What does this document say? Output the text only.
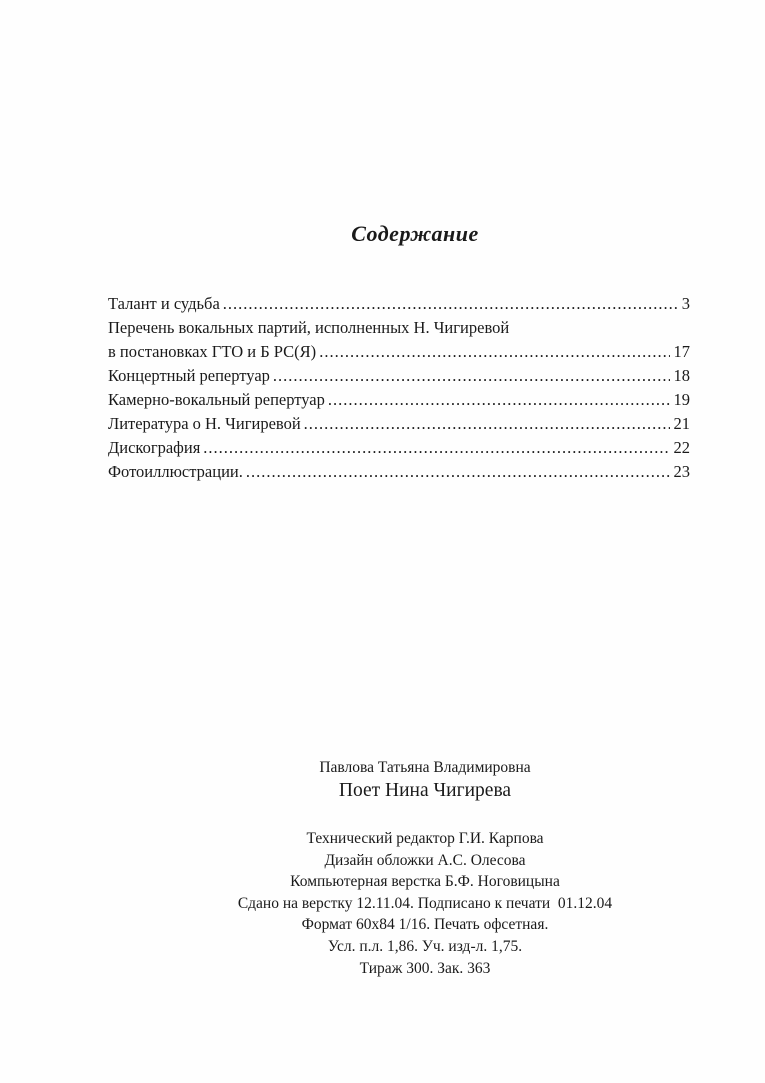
Содержание
Талант и судьба .....	3
Перечень вокальных партий, исполненных Н. Чигиревой
в постановках ГТО и Б РС(Я) .....	17
Концертный репертуар .....	18
Камерно-вокальный репертуар .....	19
Литература о Н. Чигиревой .....	21
Дискография .....	22
Фотоиллюстрации. .....	23
Павлова Татьяна Владимировна
Поет Нина Чигирева
Технический редактор Г.И. Карпова
Дизайн обложки А.С. Олесова
Компьютерная верстка Б.Ф. Ноговицына
Сдано на верстку 12.11.04. Подписано к печати  01.12.04
Формат 60х84 1/16. Печать офсетная.
Усл. п.л. 1,86. Уч. изд-л. 1,75.
Тираж 300. Зак. 363
